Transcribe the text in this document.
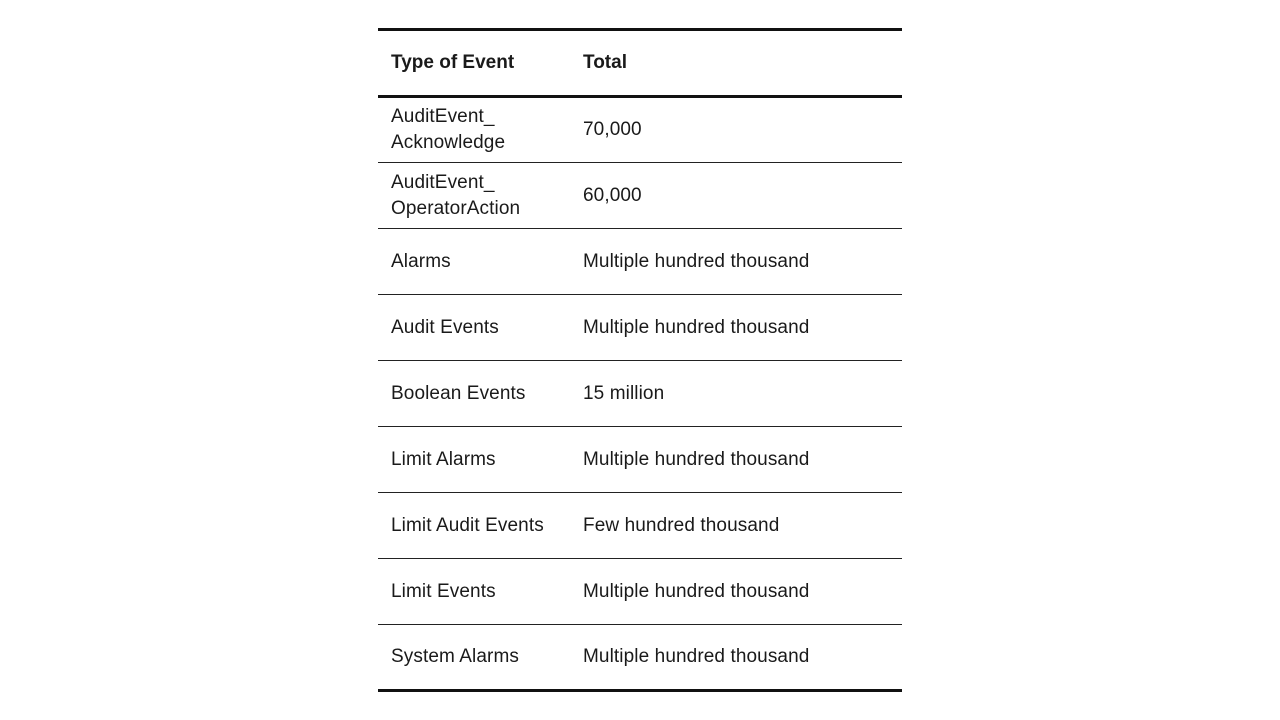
Type of Event	Total
AuditEvent_
Acknowledge	70,000
AuditEvent_
OperatorAction	60,000
Alarms	Multiple hundred thousand
Audit Events	Multiple hundred thousand
Boolean Events	15 million
Limit Alarms	Multiple hundred thousand
Limit Audit Events	Few hundred thousand
Limit Events	Multiple hundred thousand
System Alarms	Multiple hundred thousand
